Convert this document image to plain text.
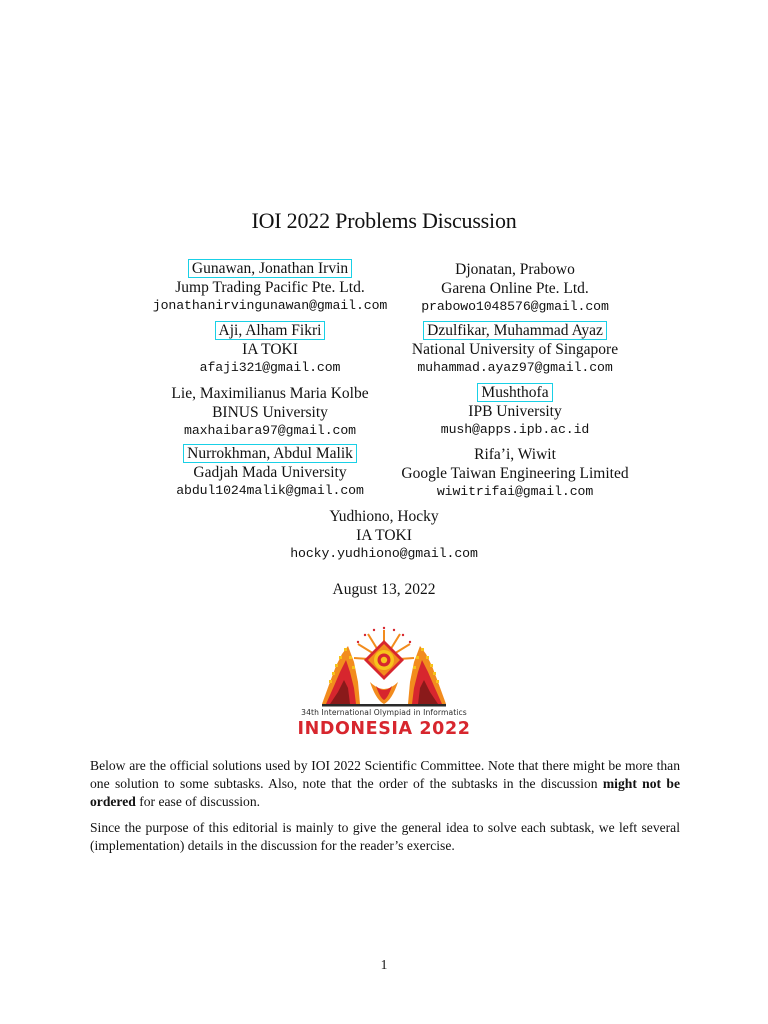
IOI 2022 Problems Discussion
Gunawan, Jonathan Irvin
Jump Trading Pacific Pte. Ltd.
jonathanirvingunawan@gmail.com
Djonatan, Prabowo
Garena Online Pte. Ltd.
prabowo1048576@gmail.com
Aji, Alham Fikri
IA TOKI
afaji321@gmail.com
Dzulfikar, Muhammad Ayaz
National University of Singapore
muhammad.ayaz97@gmail.com
Lie, Maximilianus Maria Kolbe
BINUS University
maxhaibara97@gmail.com
Mushthofa
IPB University
mush@apps.ipb.ac.id
Nurrokhman, Abdul Malik
Gadjah Mada University
abdul1024malik@gmail.com
Rifa’i, Wiwit
Google Taiwan Engineering Limited
wiwitrifai@gmail.com
Yudhiono, Hocky
IA TOKI
hocky.yudhiono@gmail.com
August 13, 2022
34th International Olympiad in Informatics
INDONESIA 2022

Below are the official solutions used by IOI 2022 Scientific Committee. Note that there might be more than one solution to some subtasks. Also, note that the order of the subtasks in the discussion might not be ordered for ease of discussion.

Since the purpose of this editorial is mainly to give the general idea to solve each subtask, we left several (implementation) details in the discussion for the reader’s exercise.

1
